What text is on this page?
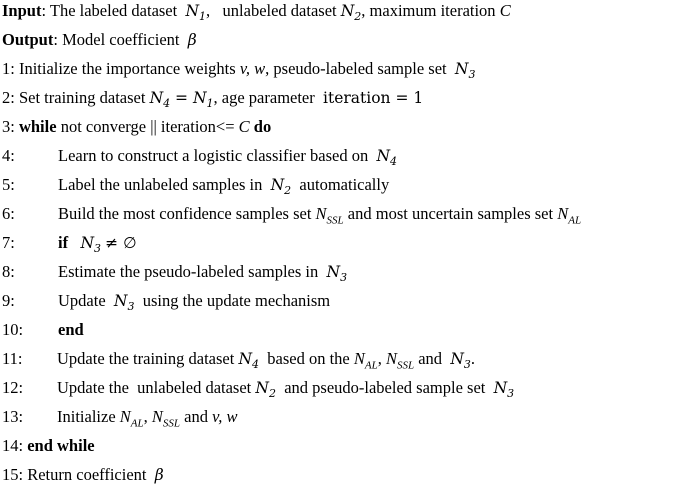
Input: The labeled dataset $N_1$, unlabeled dataset $N_2$, maximum iteration C
Output: Model coefficient β
1: Initialize the importance weights v, w, pseudo-labeled sample set $N_3$
2: Set training dataset $N_4 = N_1$, age parameter iteration = 1
3: while not converge || iteration<= C do
4:	Learn to construct a logistic classifier based on $N_4$
5:	Label the unlabeled samples in $N_2$ automatically
6:	Build the most confidence samples set $N_{SSL}$ and most uncertain samples set $N_{AL}$
7:	if $N_3$ ≠ ∅
8:	Estimate the pseudo-labeled samples in $N_3$
9:	Update $N_3$ using the update mechanism
10: end
11: Update the training dataset $N_4$ based on the $N_{AL}$, $N_{SSL}$ and $N_3$.
12: Update the  unlabeled dataset $N_2$ and pseudo-labeled sample set $N_3$
13: Initialize $N_{AL}$, $N_{SSL}$ and v, w
14: end while
15: Return coefficient β
